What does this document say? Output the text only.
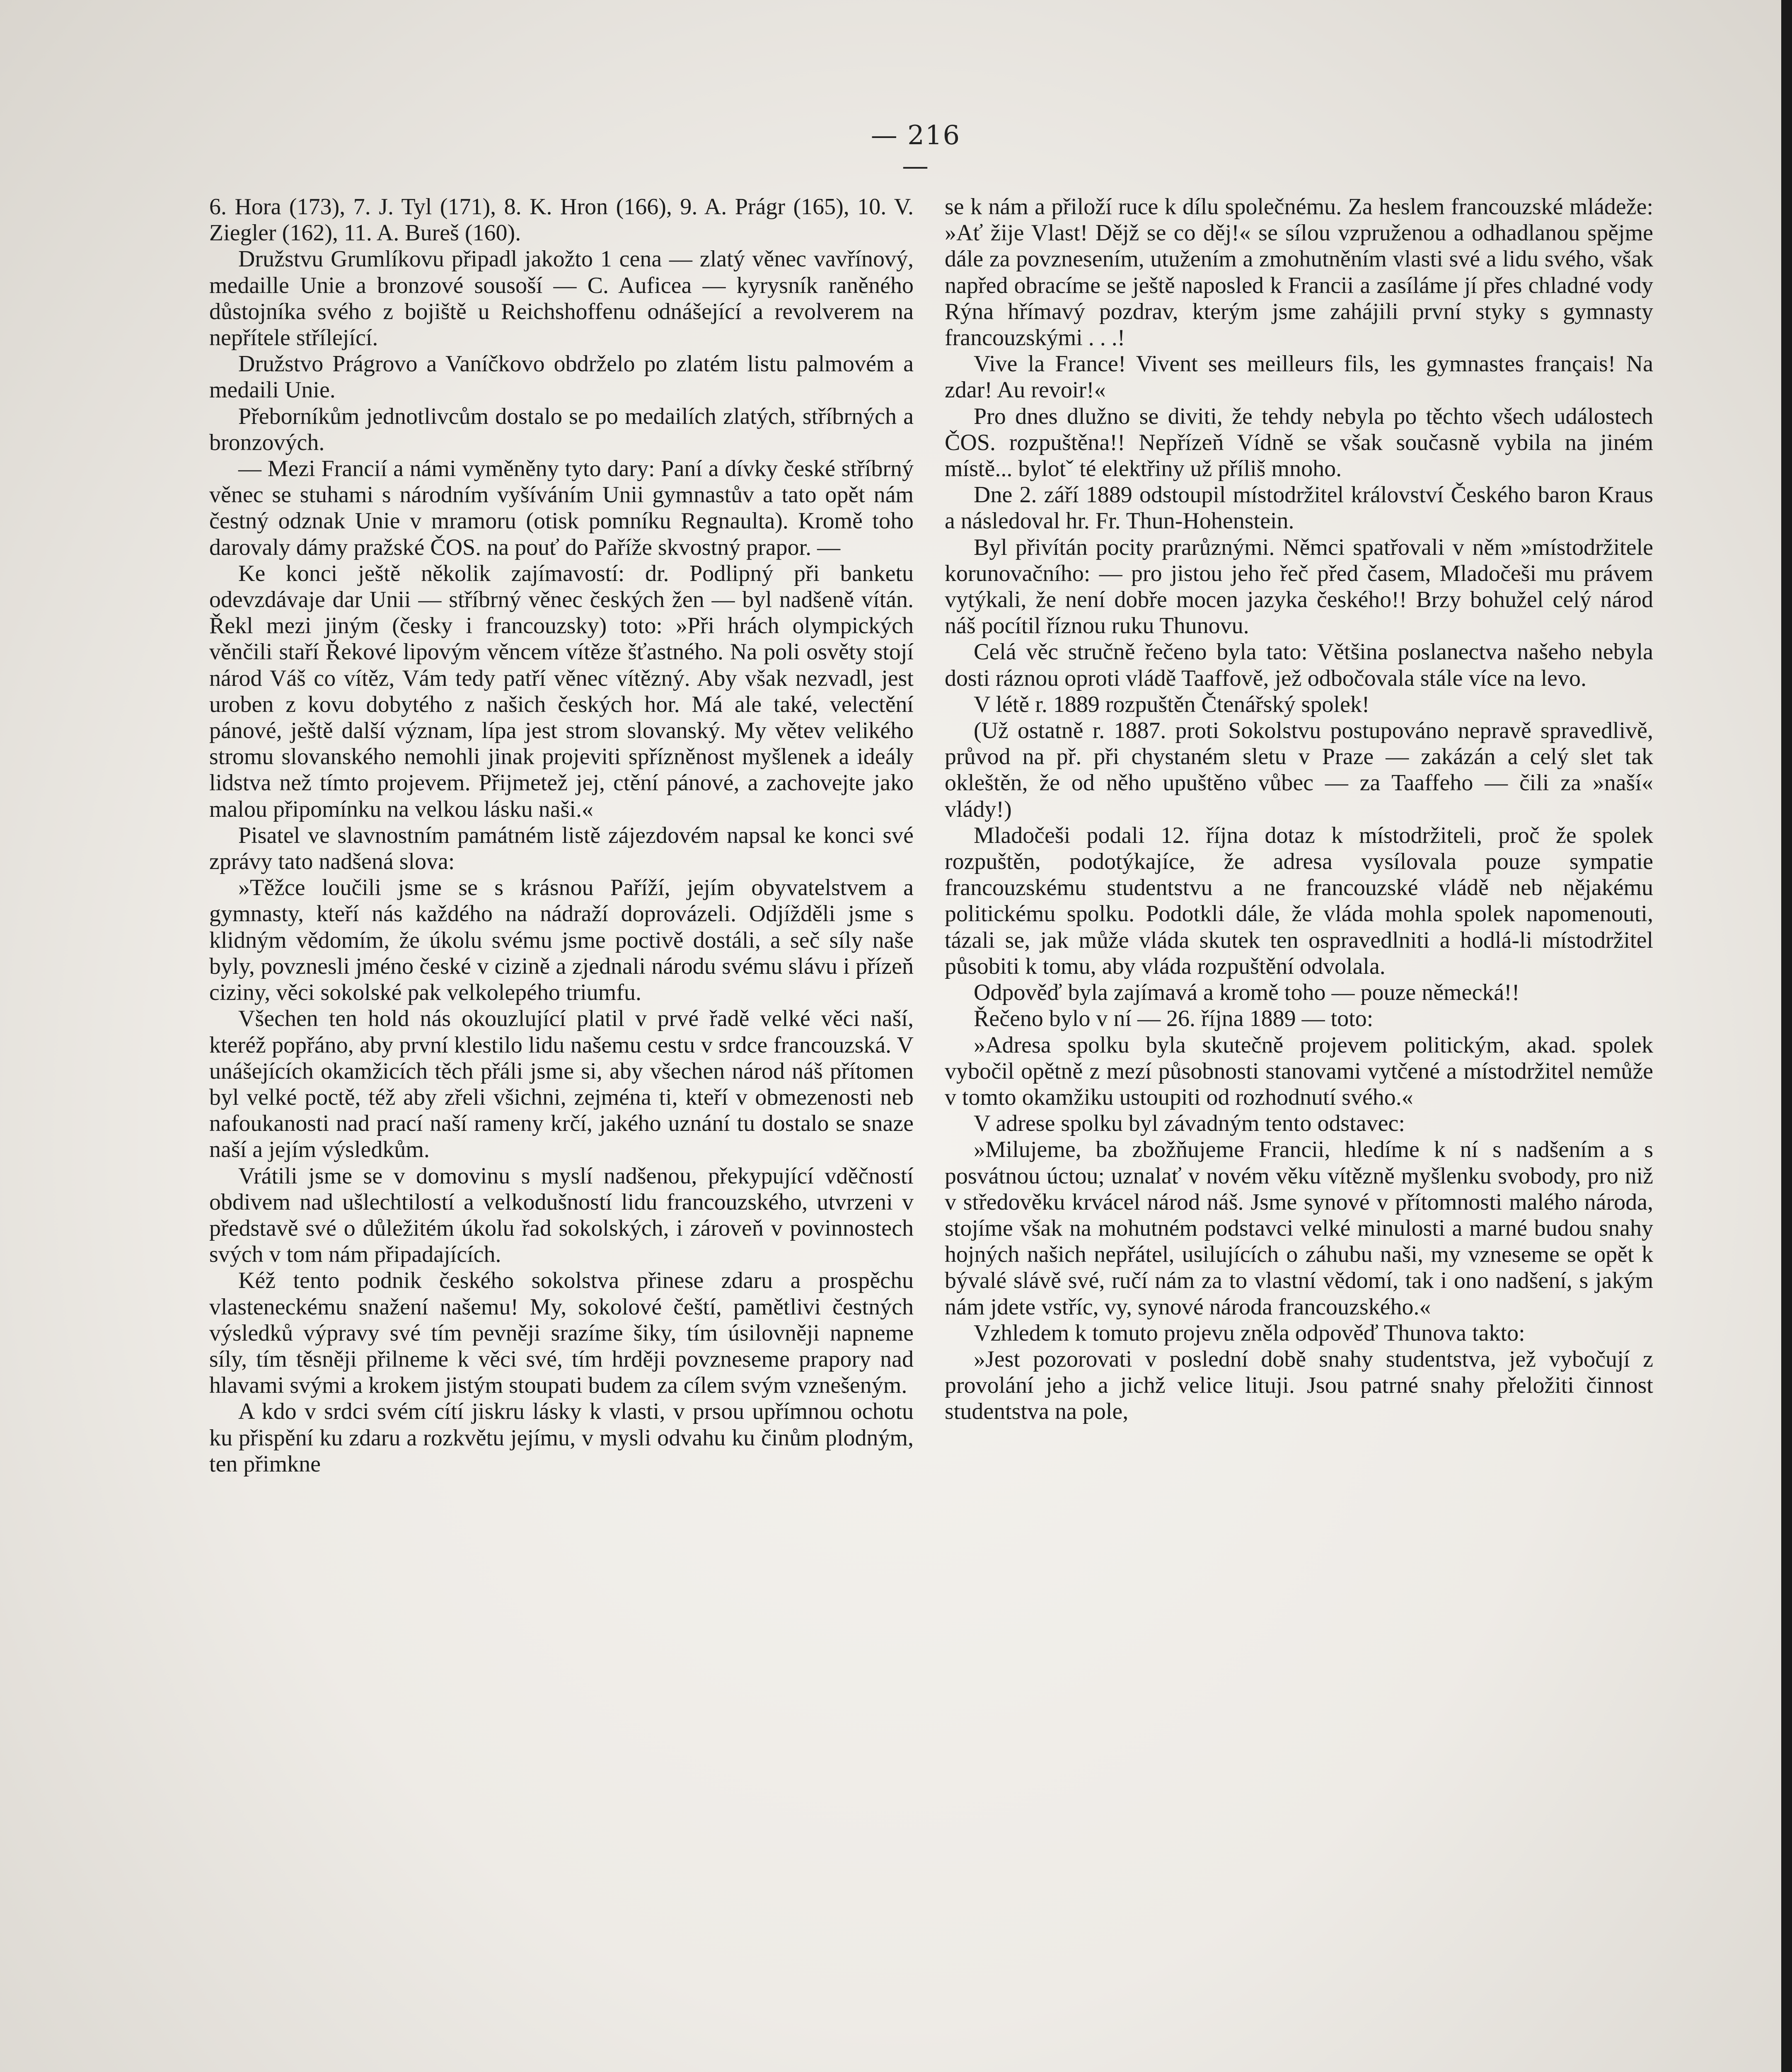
— 216 —

6. Hora (173), 7. J. Tyl (171), 8. K. Hron (166), 9. A. Prágr (165), 10. V. Ziegler (162), 11. A. Bureš (160).

Družstvu Grumlíkovu připadl jakožto 1 cena — zlatý věnec vavřínový, medaille Unie a bronzové sousoší — C. Auficea — kyrysník raněného důstojníka svého z bojiště u Reichshoffenu odnášející a revolverem na nepřítele střílející.

Družstvo Prágrovo a Vaníčkovo obdrželo po zlatém listu palmovém a medaili Unie.

Přeborníkům jednotlivcům dostalo se po medailích zlatých, stříbrných a bronzových.

— Mezi Francií a námi vyměněny tyto dary: Paní a dívky české stříbrný věnec se stuhami s národním vyšíváním Unii gymnastův a tato opět nám čestný odznak Unie v mramoru (otisk pomníku Regnaulta). Kromě toho darovaly dámy pražské ČOS. na pouť do Paříže skvostný prapor. —

Ke konci ještě několik zajímavostí: dr. Podlipný při banketu odevzdávaje dar Unii — stříbrný věnec českých žen — byl nadšeně vítán. Řekl mezi jiným (česky i francouzsky) toto: »Při hrách olympických věnčili staří Řekové lipovým věncem vítěze šťastného. Na poli osvěty stojí národ Váš co vítěz, Vám tedy patří věnec vítězný. Aby však nezvadl, jest uroben z kovu dobytého z našich českých hor. Má ale také, velectění pánové, ještě další význam, lípa jest strom slovanský. My větev velikého stromu slovanského nemohli jinak projeviti spřízněnost myšlenek a ideály lidstva než tímto projevem. Přijmetež jej, ctění pánové, a zachovejte jako malou připomínku na velkou lásku naši.«

Pisatel ve slavnostním památném listě zájezdovém napsal ke konci své zprávy tato nadšená slova:

»Těžce loučili jsme se s krásnou Paříží, jejím obyvatelstvem a gymnasty, kteří nás každého na nádraží doprovázeli. Odjížděli jsme s klidným vědomím, že úkolu svému jsme poctivě dostáli, a seč síly naše byly, povznesli jméno české v cizině a zjednali národu svému slávu i přízeň ciziny, věci sokolské pak velkolepého triumfu.

Všechen ten hold nás okouzlující platil v prvé řadě velké věci naší, kteréž popřáno, aby první klestilo lidu našemu cestu v srdce francouzská. V unášejících okamžicích těch přáli jsme si, aby všechen národ náš přítomen byl velké poctě, též aby zřeli všichni, zejména ti, kteří v obmezenosti neb nafoukanosti nad prací naší rameny krčí, jakého uznání tu dostalo se snaze naší a jejím výsledkům.

Vrátili jsme se v domovinu s myslí nadšenou, překypující vděčností obdivem nad ušlechtilostí a velkodušností lidu francouzského, utvrzeni v představě své o důležitém úkolu řad sokolských, i zároveň v povinnostech svých v tom nám připadajících.

Kéž tento podnik českého sokolstva přinese zdaru a prospěchu vlasteneckému snažení našemu! My, sokolové čeští, pamětlivi čestných výsledků výpravy své tím pevněji srazíme šiky, tím úsilovněji napneme síly, tím těsněji přilneme k věci své, tím hrději povzneseme prapory nad hlavami svými a krokem jistým stoupati budem za cílem svým vznešeným.

A kdo v srdci svém cítí jiskru lásky k vlasti, v prsou upřímnou ochotu ku přispění ku zdaru a rozkvětu jejímu, v mysli odvahu ku činům plodným, ten přimkne

se k nám a přiloží ruce k dílu společnému. Za heslem francouzské mládeže: »Ať žije Vlast! Dějž se co děj!« se sílou vzpruženou a odhadlanou spějme dále za povznesením, utužením a zmohutněním vlasti své a lidu svého, však napřed obracíme se ještě naposled k Francii a zasíláme jí přes chladné vody Rýna hřímavý pozdrav, kterým jsme zahájili první styky s gymnasty francouzskými . . .!

Vive la France! Vivent ses meilleurs fils, les gymnastes français! Na zdar! Au revoir!«

Pro dnes dlužno se diviti, že tehdy nebyla po těchto všech událostech ČOS. rozpuštěna!! Nepřízeň Vídně se však současně vybila na jiném místě... bylotˇ té elektřiny už příliš mnoho.

Dne 2. září 1889 odstoupil místodržitel království Českého baron Kraus a následoval hr. Fr. Thun-Hohenstein.

Byl přivítán pocity prarůznými. Němci spatřovali v něm »místodržitele korunovačního: — pro jistou jeho řeč před časem, Mladočeši mu právem vytýkali, že není dobře mocen jazyka českého!! Brzy bohužel celý národ náš pocítil říznou ruku Thunovu.

Celá věc stručně řečeno byla tato: Většina poslanectva našeho nebyla dosti ráznou oproti vládě Taaffově, jež odbočovala stále více na levo.

V létě r. 1889 rozpuštěn Čtenářský spolek!

(Už ostatně r. 1887. proti Sokolstvu postupováno nepravě spravedlivě, průvod na př. při chystaném sletu v Praze — zakázán a celý slet tak okleštěn, že od něho upuštěno vůbec — za Taaffeho — čili za »naší« vlády!)

Mladočeši podali 12. října dotaz k místodržiteli, proč že spolek rozpuštěn, podotýkajíce, že adresa vysílovala pouze sympatie francouzskému studentstvu a ne francouzské vládě neb nějakému politickému spolku. Podotkli dále, že vláda mohla spolek napomenouti, tázali se, jak může vláda skutek ten ospravedlniti a hodlá-li místodržitel působiti k tomu, aby vláda rozpuštění odvolala.

Odpověď byla zajímavá a kromě toho — pouze německá!!

Řečeno bylo v ní — 26. října 1889 — toto:

»Adresa spolku byla skutečně projevem politickým, akad. spolek vybočil opětně z mezí působnosti stanovami vytčené a místodržitel nemůže v tomto okamžiku ustoupiti od rozhodnutí svého.«

V adrese spolku byl závadným tento odstavec:

»Milujeme, ba zbožňujeme Francii, hledíme k ní s nadšením a s posvátnou úctou; uznalať v novém věku vítězně myšlenku svobody, pro niž v středověku krvácel národ náš. Jsme synové v přítomnosti malého národa, stojíme však na mohutném podstavci velké minulosti a marné budou snahy hojných našich nepřátel, usilujících o záhubu naši, my vzneseme se opět k bývalé slávě své, ručí nám za to vlastní vědomí, tak i ono nadšení, s jakým nám jdete vstříc, vy, synové národa francouzského.«

Vzhledem k tomuto projevu zněla odpověď Thunova takto:

»Jest pozorovati v poslední době snahy studentstva, jež vybočují z provolání jeho a jichž velice lituji. Jsou patrné snahy přeložiti činnost studentstva na pole,
